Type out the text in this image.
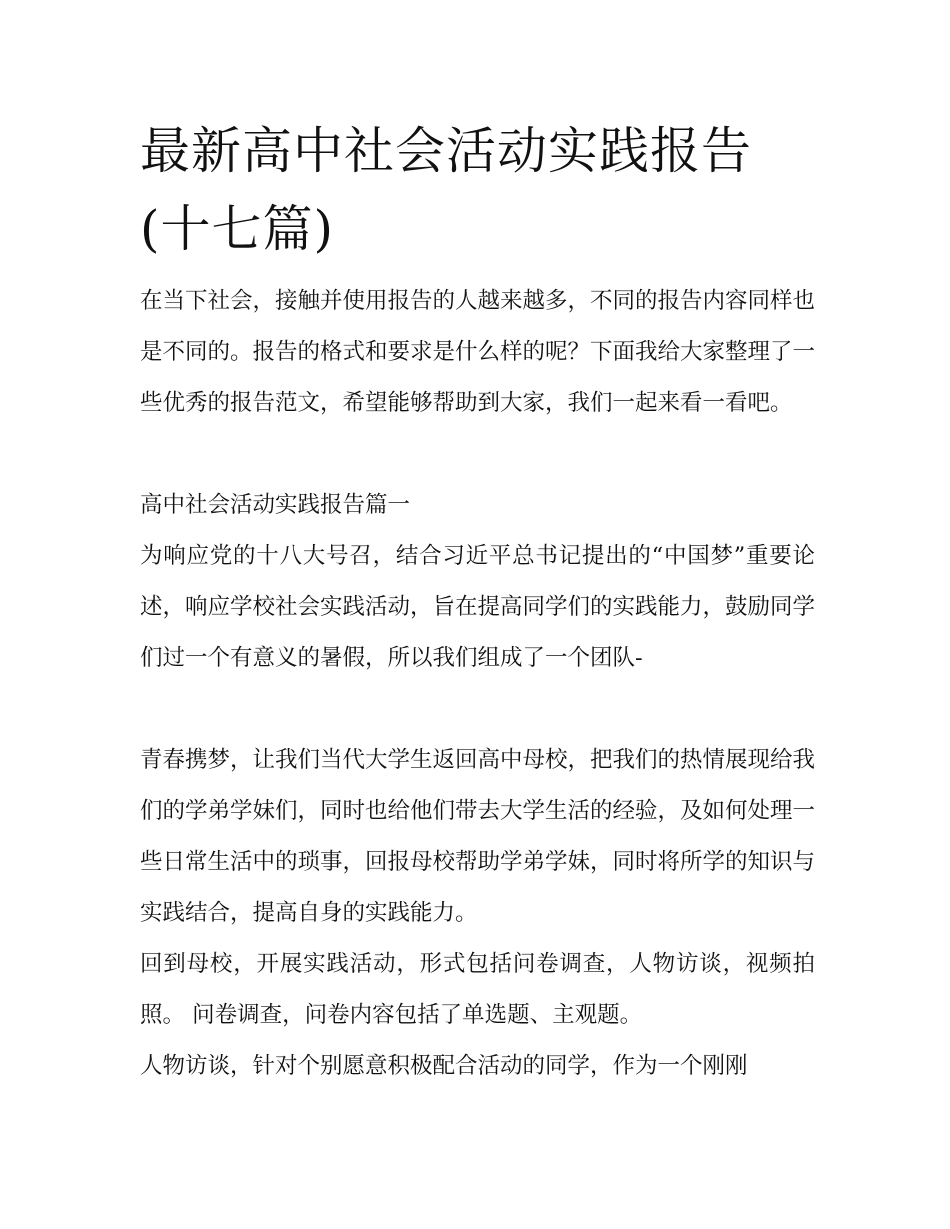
最新高中社会活动实践报告(十七篇)

在当下社会，接触并使用报告的人越来越多，不同的报告内容同样也是不同的。报告的格式和要求是什么样的呢？下面我给大家整理了一些优秀的报告范文，希望能够帮助到大家，我们一起来看一看吧。

高中社会活动实践报告篇一

为响应党的十八大号召，结合习近平总书记提出的“中国梦”重要论述，响应学校社会实践活动，旨在提高同学们的实践能力，鼓励同学们过一个有意义的暑假，所以我们组成了一个团队-

青春携梦，让我们当代大学生返回高中母校，把我们的热情展现给我们的学弟学妹们，同时也给他们带去大学生活的经验，及如何处理一些日常生活中的琐事，回报母校帮助学弟学妹，同时将所学的知识与实践结合，提高自身的实践能力。

回到母校，开展实践活动，形式包括问卷调查，人物访谈，视频拍照。 问卷调查，问卷内容包括了单选题、主观题。

人物访谈，针对个别愿意积极配合活动的同学，作为一个刚刚
